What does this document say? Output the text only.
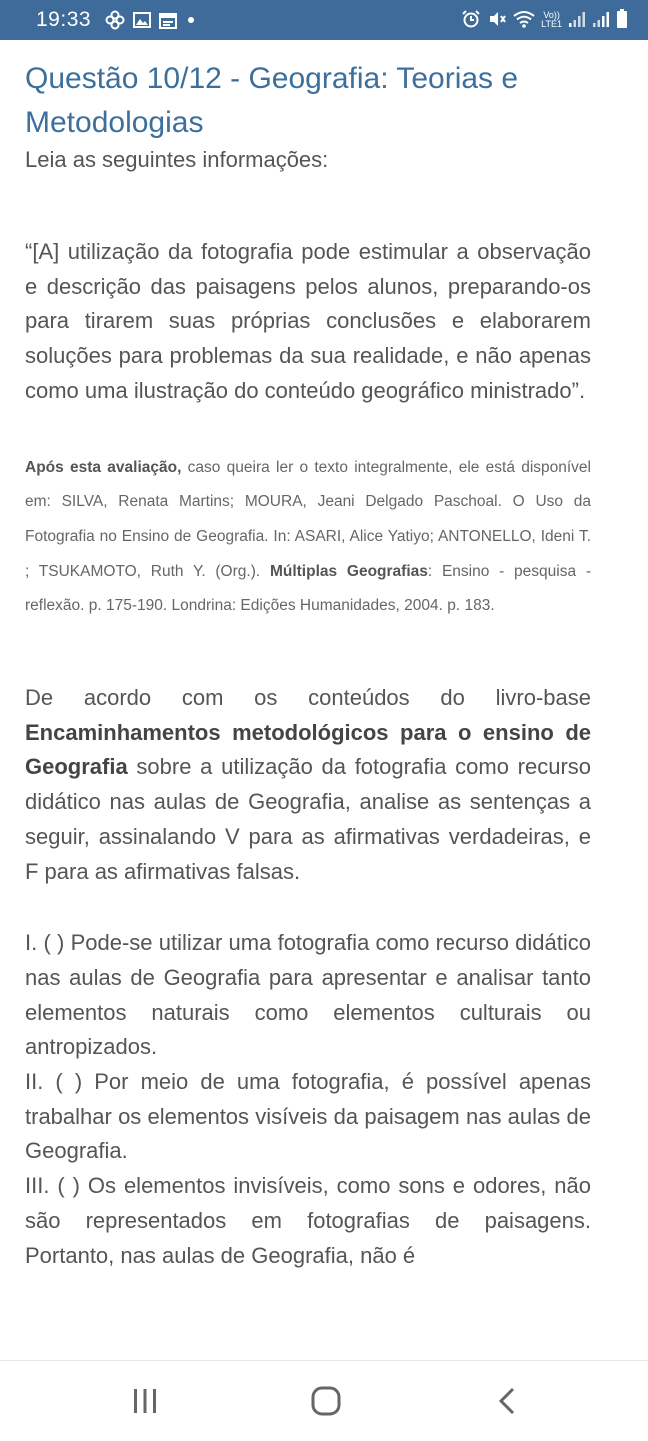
19:33	Vo))
LTE1
Questão 10/12 - Geografia: Teorias e Metodologias

Leia as seguintes informações:

“[A] utilização da fotografia pode estimular a observação e descrição das paisagens pelos alunos, preparando-os para tirarem suas próprias conclusões e elaborarem soluções para problemas da sua realidade, e não apenas como uma ilustração do conteúdo geográfico ministrado”.

Após esta avaliação, caso queira ler o texto integralmente, ele está disponível em: SILVA, Renata Martins; MOURA, Jeani Delgado Paschoal. O Uso da Fotografia no Ensino de Geografia. In: ASARI, Alice Yatiyo; ANTONELLO, Ideni T. ; TSUKAMOTO, Ruth Y. (Org.). Múltiplas Geografias: Ensino - pesquisa - reflexão. p. 175-190. Londrina: Edições Humanidades, 2004. p. 183.

De acordo com os conteúdos do livro-base Encaminhamentos metodológicos para o ensino de Geografia sobre a utilização da fotografia como recurso didático nas aulas de Geografia, analise as sentenças a seguir, assinalando V para as afirmativas verdadeiras, e F para as afirmativas falsas.

I. ( ) Pode-se utilizar uma fotografia como recurso didático nas aulas de Geografia para apresentar e analisar tanto elementos naturais como elementos culturais ou antropizados.

II. ( ) Por meio de uma fotografia, é possível apenas trabalhar os elementos visíveis da paisagem nas aulas de Geografia.

III. ( ) Os elementos invisíveis, como sons e odores, não são representados em fotografias de paisagens. Portanto, nas aulas de Geografia, não é
